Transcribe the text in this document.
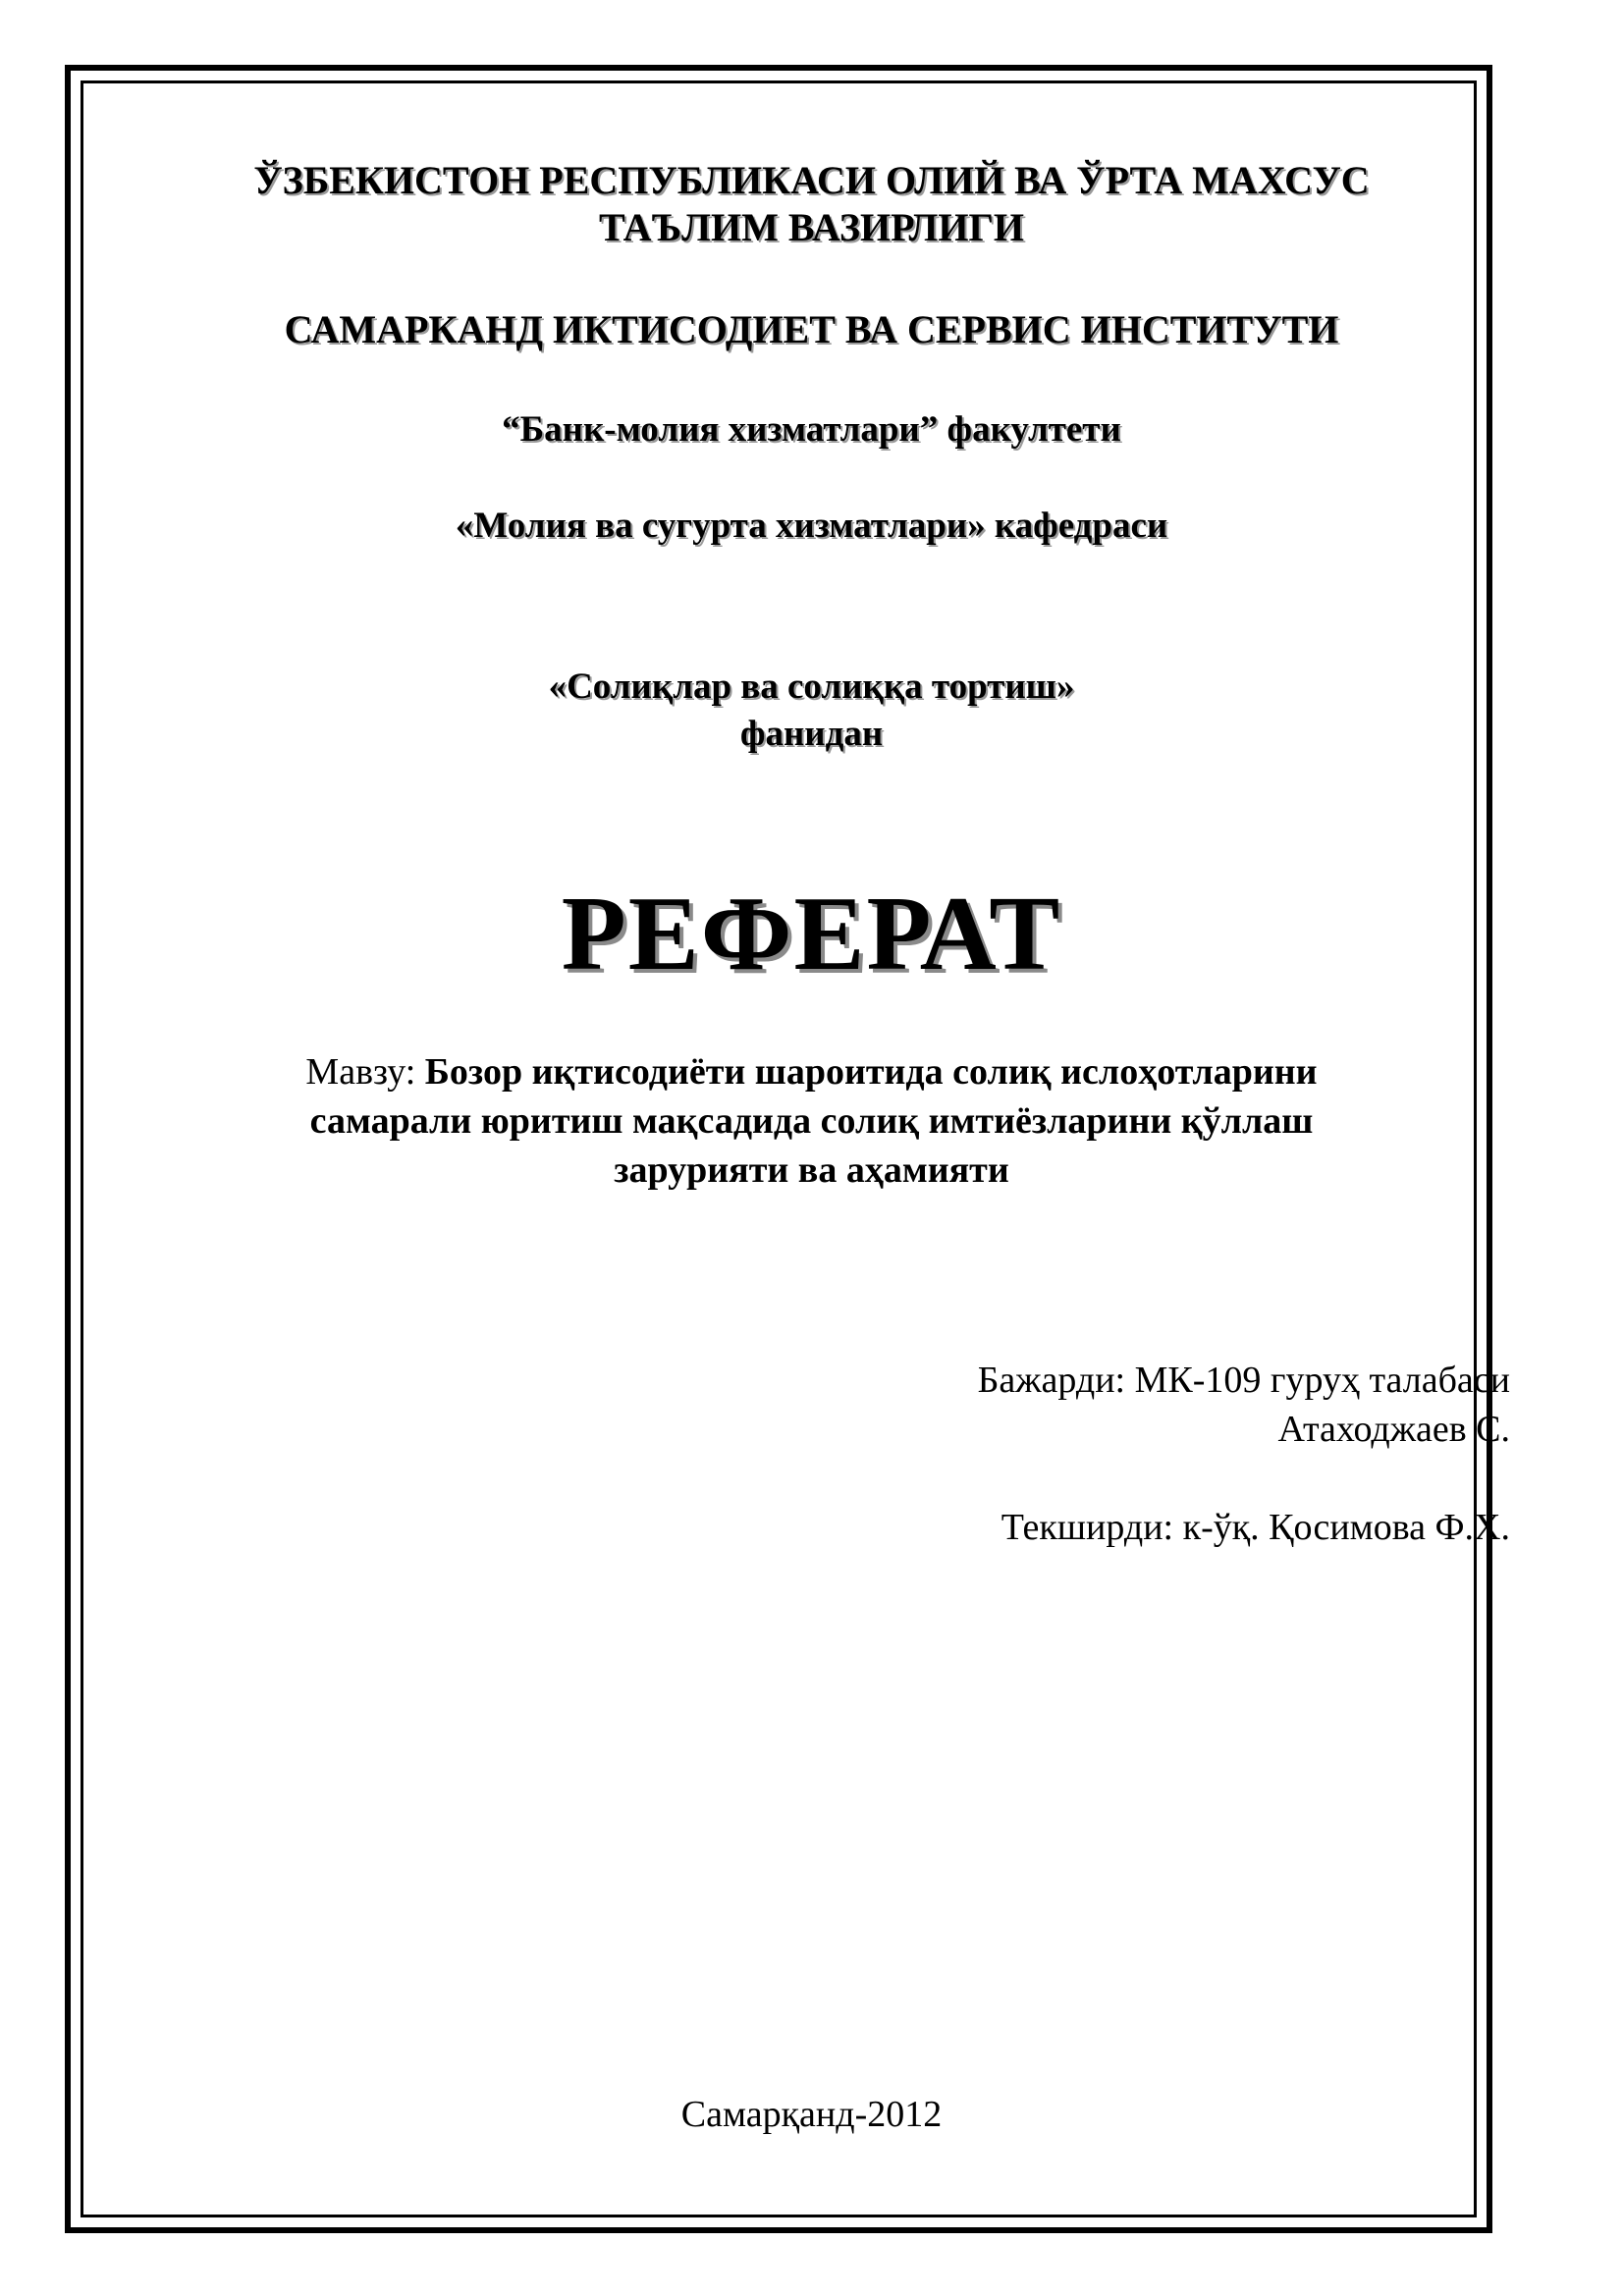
ЎЗБЕКИСТОН РЕСПУБЛИКАСИ ОЛИЙ ВА ЎРТА МАХСУС

ТАЪЛИМ ВАЗИРЛИГИ

САМАРКАНД ИКТИСОДИЕТ ВА СЕРВИС ИНСТИТУТИ

“Банк-молия хизматлари” факултети

«Молия ва сугурта хизматлари» кафедраси

«Солиқлар ва солиққа тортиш»

фанидан

РЕФЕРАТ

Мавзу: Бозор иқтисодиёти шароитида солиқ ислоҳотларини

самарали юритиш мақсадида солиқ имтиёзларини қўллаш

зарурияти ва аҳамияти

Бажарди: МК-109 гуруҳ талабаси

Атаходжаев С.

Текширди: к-ўқ. Қосимова Ф.Х.

Самарқанд-2012
